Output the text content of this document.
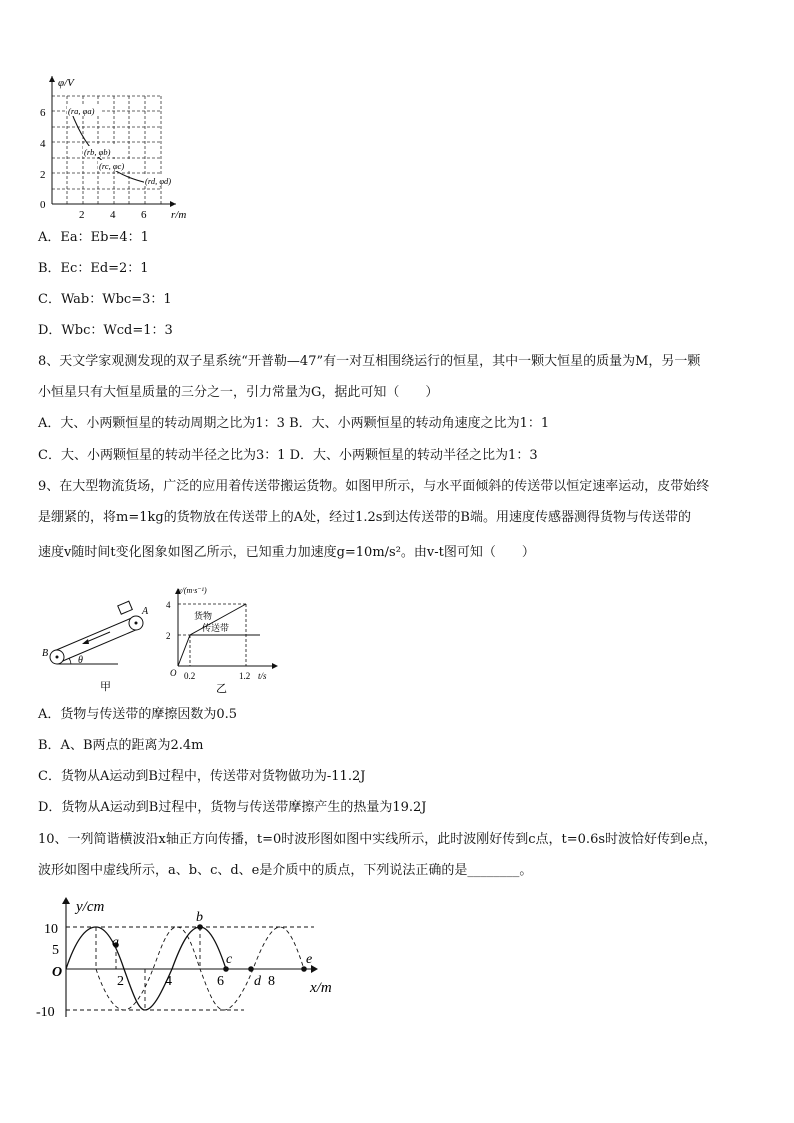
φ/V
r/m
6
4
2
0
2 4 6
(ra, φa)
(rb, φb)
(rc, φc)
(rd, φd)
A．Ea：Eb=4：1
B．Ec：Ed=2：1
C．Wab：Wbc=3：1
D．Wbc：Wcd=1：3
8、天文学家观测发现的双子星系统“开普勒—47”有一对互相围绕运行的恒星，其中一颗大恒星的质量为M，另一颗
小恒星只有大恒星质量的三分之一，引力常量为G，据此可知（　　）
A．大、小两颗恒星的转动周期之比为1：3 B．大、小两颗恒星的转动角速度之比为1：1
C．大、小两颗恒星的转动半径之比为3：1 D．大、小两颗恒星的转动半径之比为1：3
9、在大型物流货场，广泛的应用着传送带搬运货物。如图甲所示，与水平面倾斜的传送带以恒定速率运动，皮带始终
是绷紧的，将m=1kg的货物放在传送带上的A处，经过1.2s到达传送带的B端。用速度传感器测得货物与传送带的
速度v随时间t变化图象如图乙所示，已知重力加速度g=10m/s²。由v-t图可知（　　）
θ
B
A
甲
v/(m·s⁻¹)
4
2
O 0.2	1.2 t/s
货物
传送带
乙
A．货物与传送带的摩擦因数为0.5
B．A、B两点的距离为2.4m
C．货物从A运动到B过程中，传送带对货物做功为-11.2J
D．货物从A运动到B过程中，货物与传送带摩擦产生的热量为19.2J
10、一列简谐横波沿x轴正方向传播，t=0时波形图如图中实线所示，此时波刚好传到c点，t=0.6s时波恰好传到e点，
波形如图中虚线所示，a、b、c、d、e是介质中的质点，下列说法正确的是________。
y/cm
x/m
10
5
-10
O
2	4	6	8
a
b
c
d
e
